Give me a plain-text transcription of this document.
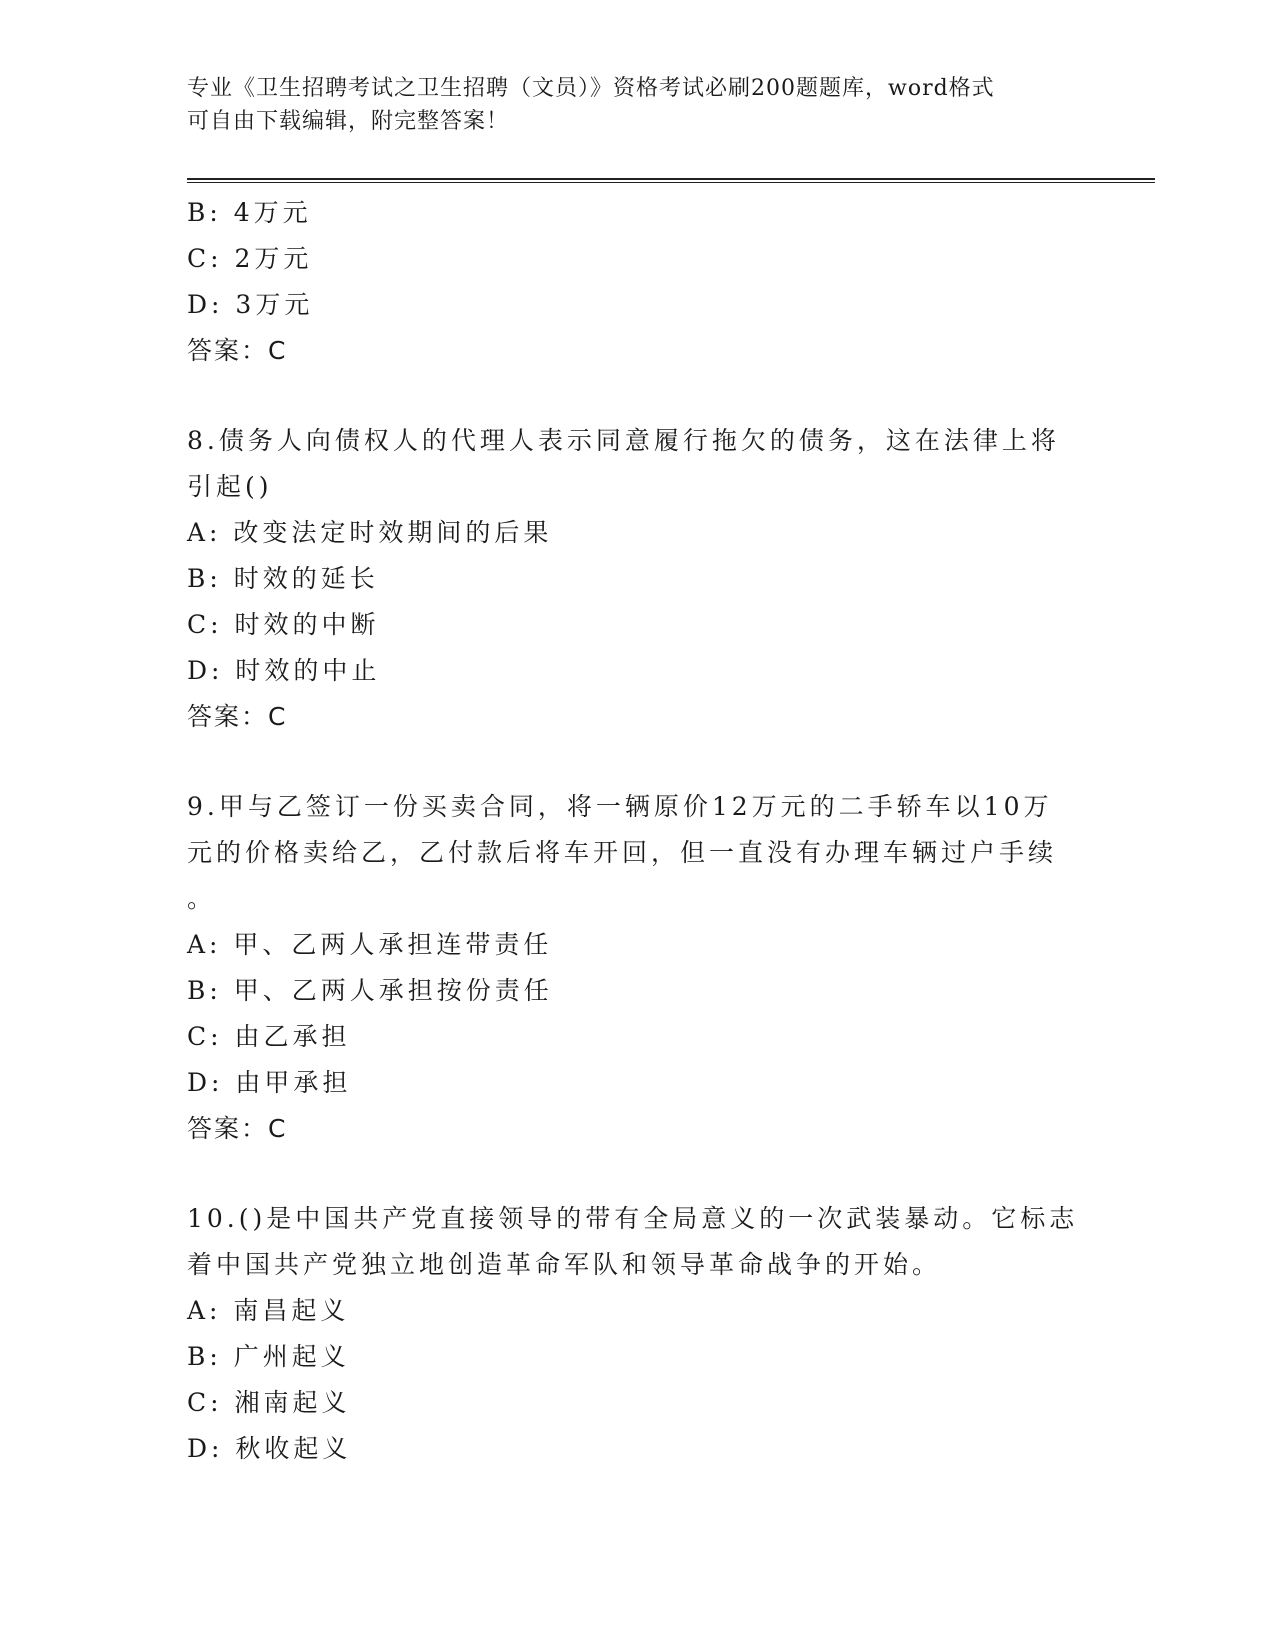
专业《卫生招聘考试之卫生招聘（文员）》资格考试必刷200题题库，word格式
可自由下载编辑，附完整答案！
B: 4万元
C: 2万元
D: 3万元
答案：C
8.债务人向债权人的代理人表示同意履行拖欠的债务，这在法律上将
引起()
A: 改变法定时效期间的后果
B: 时效的延长
C: 时效的中断
D: 时效的中止
答案：C
9.甲与乙签订一份买卖合同，将一辆原价12万元的二手轿车以10万
元的价格卖给乙，乙付款后将车开回，但一直没有办理车辆过户手续
。
A: 甲、乙两人承担连带责任
B: 甲、乙两人承担按份责任
C: 由乙承担
D: 由甲承担
答案：C
10.()是中国共产党直接领导的带有全局意义的一次武装暴动。它标志
着中国共产党独立地创造革命军队和领导革命战争的开始。
A: 南昌起义
B: 广州起义
C: 湘南起义
D: 秋收起义
